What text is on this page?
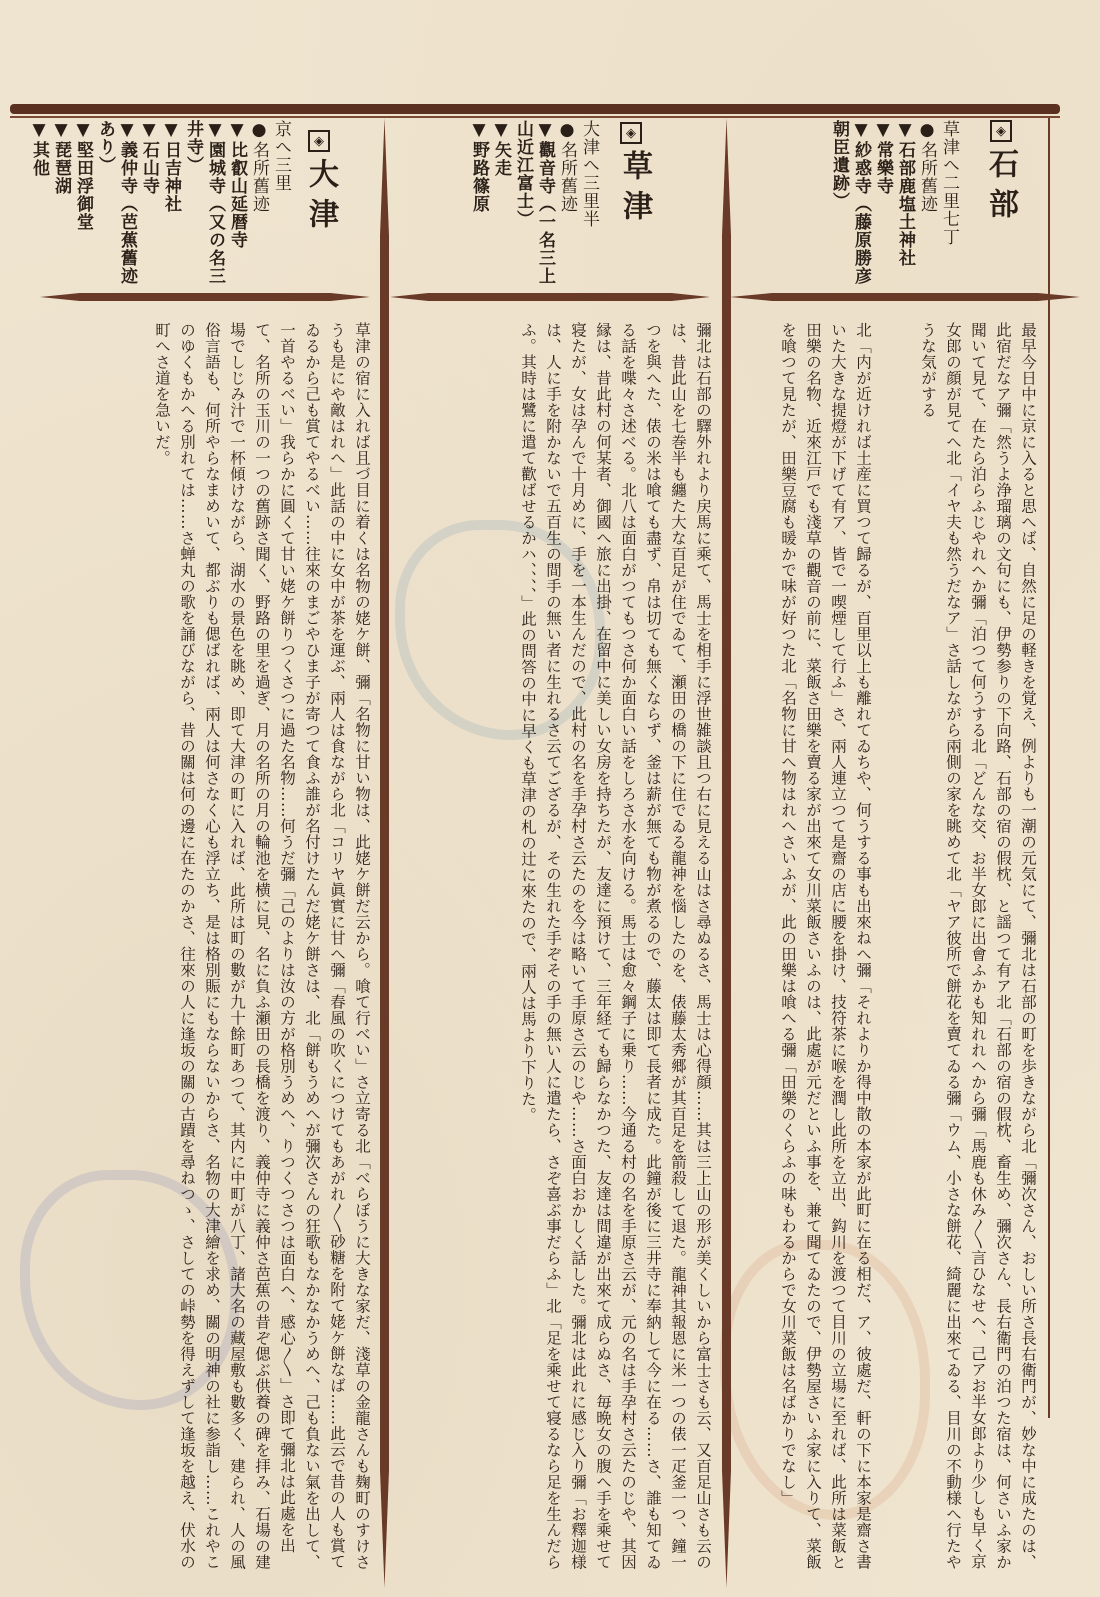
◈
石部
草津へ二里七丁
●名所舊迹
▼石部鹿塩土神社
▼常樂寺
▼紗惑寺（藤原勝彦
朝臣遺跡）
◈
草津
大津へ三里半
●名所舊迹
▼觀音寺（一名三上
山近江富士）
▼矢走
▼野路篠原
◈
大津
京へ三里
●名所舊迹
▼比叡山延暦寺
▼園城寺（又の名三
井寺）
▼日吉神社
▼石山寺
▼義仲寺（芭蕉舊迹
あり）
▼堅田浮御堂
▼琵琶湖
▼其他

最早今日中に京に入ると思へば、自然に足の軽きを覚え、例よりも一潮の元気にて、彌北は石部の町を歩きながら北「彌次さん、おしい所さ長右衛門が、妙な中に成たのは、此宿だなア彌「然うよ浄瑠璃の文句にも、伊勢参りの下向路、石部の宿の假枕、と謡つて有ア北「石部の宿の假枕、畜生め、彌次さん、長右衛門の泊つた宿は、何さいふ家か聞いて見て、在たら泊らふじやれへか彌「泊つて何うする北「どんな交、お半女郎に出會ふかも知れれへから彌「馬鹿も休み〱言ひなせへ、己アお半女郎より少しも早く京女郎の顔が見てへ北「イヤ夫も然うだなア」さ話しながら兩側の家を眺めて北「ヤア彼所で餅花を賣てゐる彌「ウム、小さな餅花、綺麗に出來てゐる、目川の不動様へ行たやうな気がする

北「内が近ければ土産に買つて歸るが、百里以上も離れてゐちや、何うする事も出來ねへ彌「それよりか得中散の本家が此町に在る相だ、ア、彼處だ、軒の下に本家是齋さ書いた大きな提燈が下げて有ア、皆で一喫煙して行ふ」さ、兩人連立つて是齋の店に腰を掛け、技符茶に喉を潤し此所を立出、鈎川を渡つて目川の立場に至れば、此所は菜飯と田樂の名物、近來江戸でも淺草の觀音の前に、菜飯さ田樂を賣る家が出來て女川菜飯さいふのは、此處が元だといふ事を、兼て聞てゐたので、伊勢屋さいふ家に入りて、菜飯を喰つて見たが、田樂豆腐も暖かで味が好つた北「名物に甘へ物はれへさいふが、此の田樂は喰へる彌「田樂のくらふの味もわるからで女川菜飯は名ばかりでなし」

彌北は石部の驛外れより戻馬に乘て、馬士を相手に浮世雑談且つ右に見える山はさ尋ぬるさ、馬士は心得顔……其は三上山の形が美くしいから富士さも云、又百足山さも云のは、昔此山を七巻半も纏た大な百足が住でゐて、瀬田の橋の下に住でゐる龍神を惱したのを、俵藤太秀郷が其百足を箭殺して退た。龍神其報恩に米一つの俵一疋釜一つ、鐘一つを與へた、俵の米は喰ても盡ず、帛は切ても無くならず、釜は薪が無ても物が煮るので、藤太は即て長者に成た。此鐘が後に三井寺に奉納して今に在る……さ、誰も知てゐる話を喋々さ述べる。北八は面白がつてもつさ何か面白い話をしろさ水を向ける。馬士は愈々鋼子に乗り……今通る村の名を手原さ云が、元の名は手孕村さ云たのじや、其因縁は、昔此村の何某者、御國へ旅に出掛、在留中に美しい女房を持ちたが、友達に預けて、三年経ても歸らなかつた、友達は間違が出來て成らぬさ、毎晩女の腹へ手を乘せて寝たが、女は孕んで十月めに、手を一本生んだので、此村の名を手孕村さ云たのを今は略いて手原さ云のじや……さ面白おかしく話した。彌北は此れに感じ入り彌「お釋迦様は、人に手を附かないで五百生の間手の無い者に生れるさ云てござるが、その生れた手ぞその手の無い人に遣たら、さぞ喜ぶ事だらふ」北「足を乘せて寝るなら足を生んだらふ。其時は鷺に遣て歡ばせるかハ、、、、」此の問答の中に早くも草津の札の辻に來たので、兩人は馬より下りた。

草津の宿に入れば且づ目に着くは名物の姥ケ餅、彌「名物に甘い物は、此姥ケ餅だ云から。喰て行べい」さ立寄る北「べらぼうに大きな家だ、淺草の金龍さんも麹町のすけさうも是にや敵はれへ」此話の中に女中が茶を運ぶ、兩人は食ながら北「コリヤ眞實に甘へ彌「春風の吹くにつけてもあがれ〱砂糖を附て姥ケ餅なば……此云で昔の人も賞てゐるから己も賞てやるべい……往來のまごやひま子が寄つて食ふ誰が名付けたんだ姥ケ餅さは、北「餅もうめへが彌次さんの狂歌もなかなかうめへ、己も負ない氣を出して、一首やるべい」我らかに圓くて甘い姥ケ餅りつくさつに過た名物……何うだ彌「己のよりは汝の方が格別うめへ、りつくつさつは面白へ、感心〱」さ即て彌北は此處を出て、名所の玉川の一つの舊跡さ聞く、野路の里を過ぎ、月の名所の月の輪池を横に見、名に負ふ瀬田の長橋を渡り、義仲寺に義仲さ芭蕉の昔ぞ偲ぶ供養の碑を拝み、石場の建場でしじみ汁で一杯傾けながら、湖水の景色を眺め、即て大津の町に入れば、此所は町の數が九十餘町あつて、其内に中町が八丁、諸大名の藏屋敷も數多く、建られ、人の風俗言語も、何所やらなまめいて、都ぶりも偲ばれば、兩人は何さなく心も浮立ち、是は格別賑にもならないからさ、名物の大津繪を求め、關の明神の社に参詣し……これやこのゆくもかへる別れては……さ蝉丸の歌を誦びながら、昔の關は何の邊に在たのかさ、往來の人に逢坂の關の古蹟を尋ねつゝ、さしての峠勢を得えずして逢坂を越え、伏水の町へさ道を急いだ。
